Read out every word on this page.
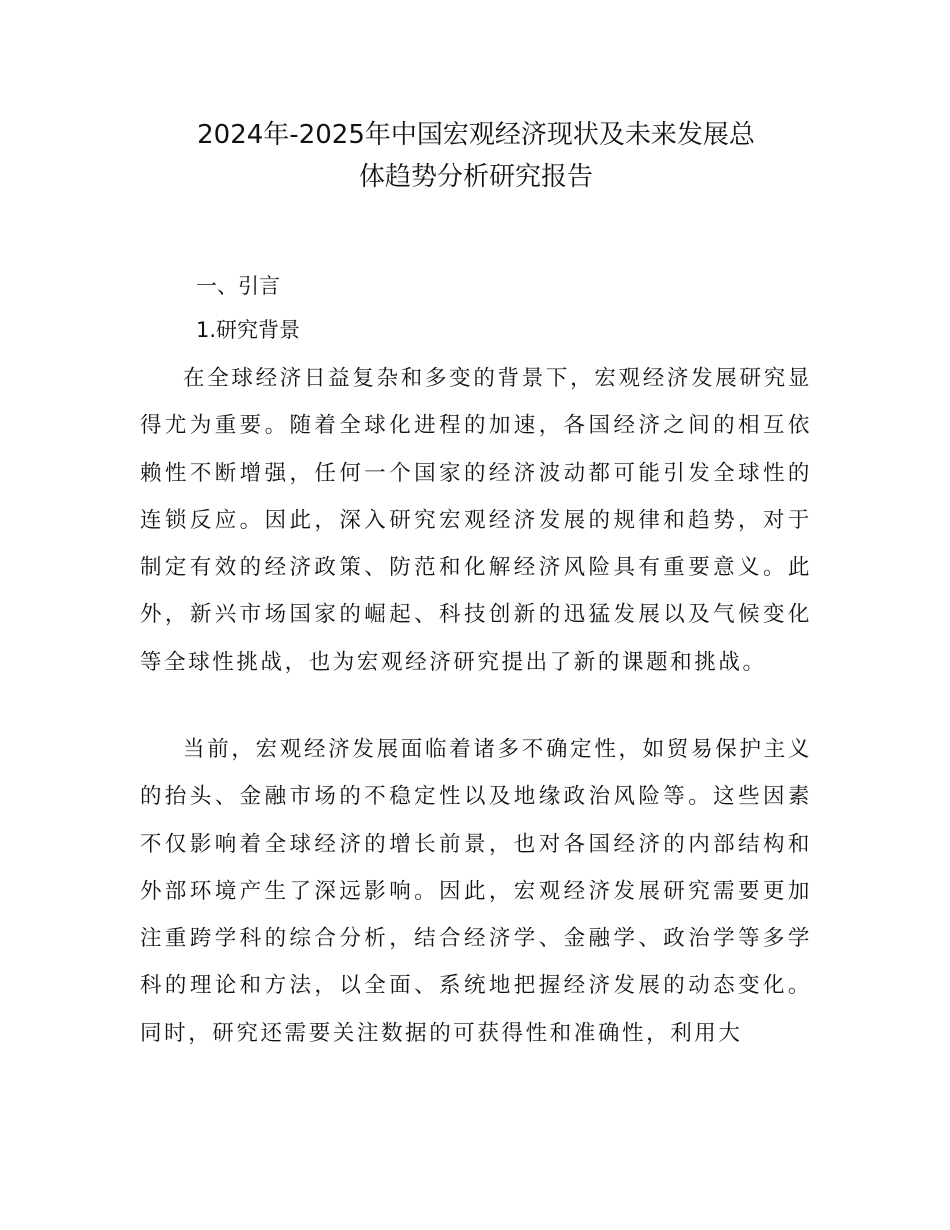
2024年-2025年中国宏观经济现状及未来发展总
体趋势分析研究报告
一、引言
1.研究背景

在全球经济日益复杂和多变的背景下，宏观经济发展研究显得尤为重要。随着全球化进程的加速，各国经济之间的相互依赖性不断增强，任何一个国家的经济波动都可能引发全球性的连锁反应。因此，深入研究宏观经济发展的规律和趋势，对于制定有效的经济政策、防范和化解经济风险具有重要意义。此外，新兴市场国家的崛起、科技创新的迅猛发展以及气候变化等全球性挑战，也为宏观经济研究提出了新的课题和挑战。

当前，宏观经济发展面临着诸多不确定性，如贸易保护主义的抬头、金融市场的不稳定性以及地缘政治风险等。这些因素不仅影响着全球经济的增长前景，也对各国经济的内部结构和外部环境产生了深远影响。因此，宏观经济发展研究需要更加注重跨学科的综合分析，结合经济学、金融学、政治学等多学科的理论和方法，以全面、系统地把握经济发展的动态变化。同时，研究还需要关注数据的可获得性和准确性，利用大
